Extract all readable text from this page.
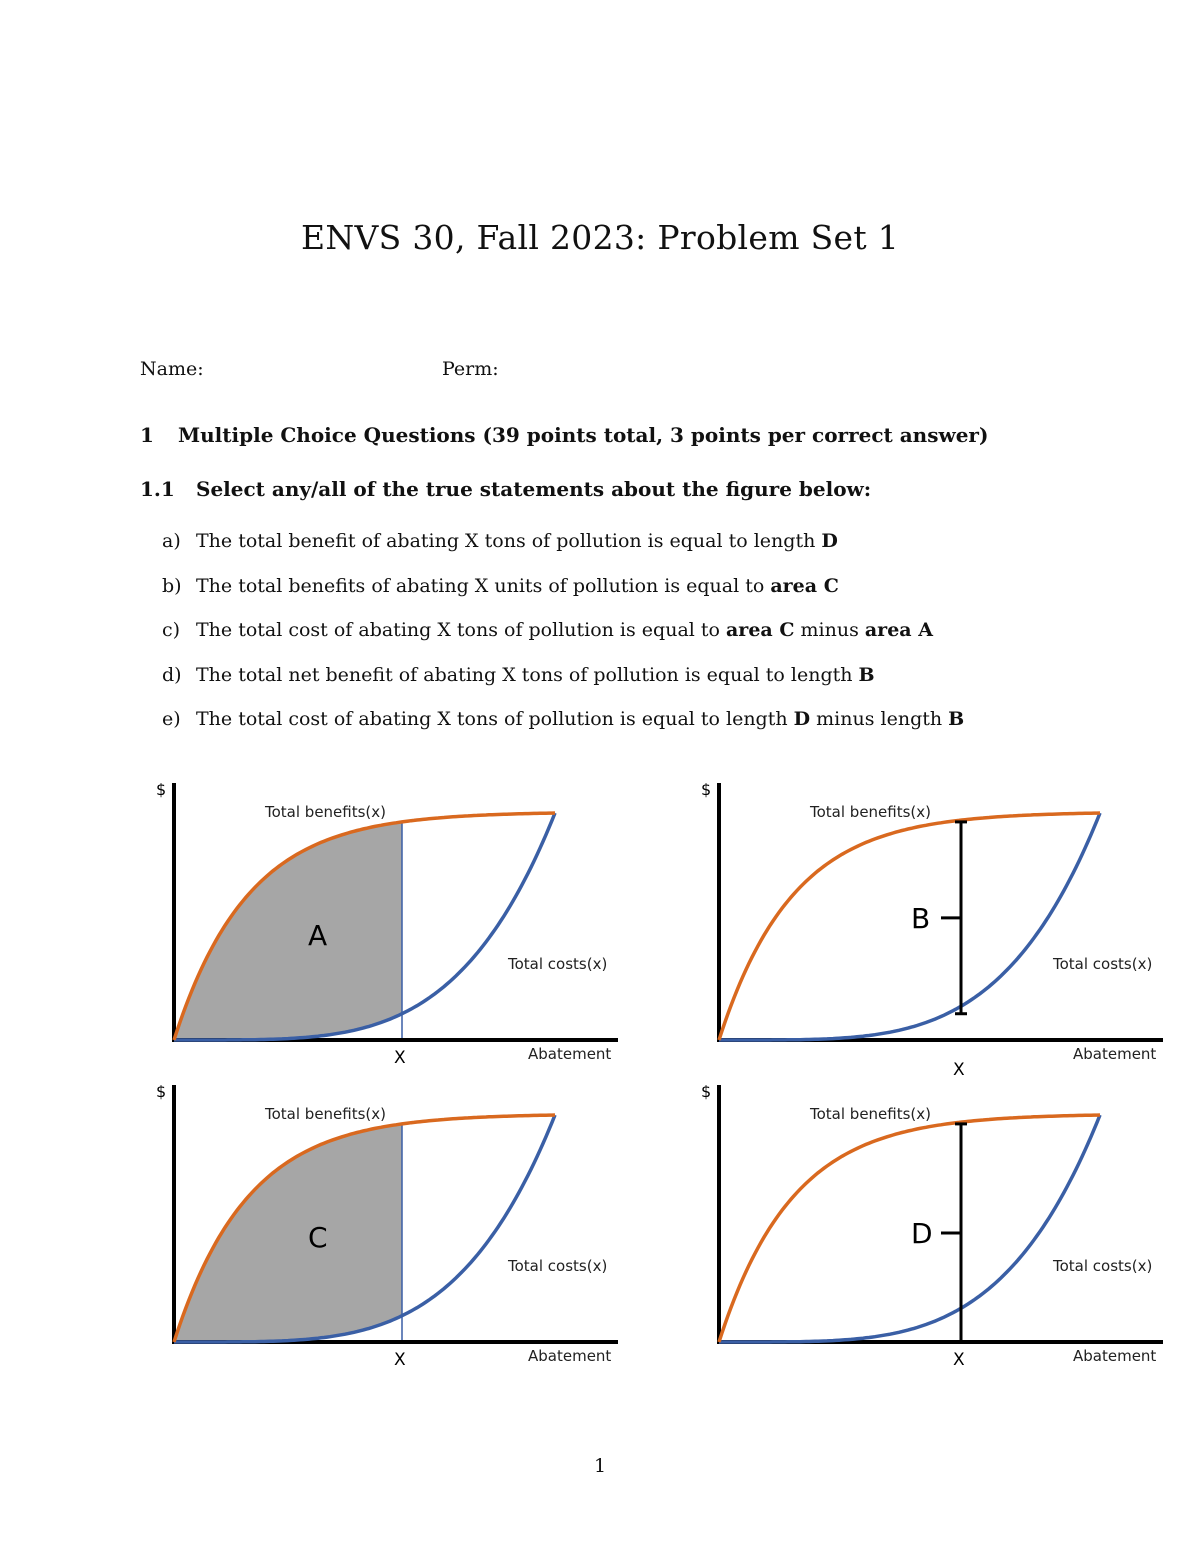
ENVS 30, Fall 2023: Problem Set 1
Name:	Perm:
1 Multiple Choice Questions (39 points total, 3 points per correct answer)
1.1 Select any/all of the true statements about the figure below:
a) The total benefit of abating X tons of pollution is equal to length D
b) The total benefits of abating X units of pollution is equal to area C
c) The total cost of abating X tons of pollution is equal to area C minus area A
d) The total net benefit of abating X tons of pollution is equal to length B
e) The total cost of abating X tons of pollution is equal to length D minus length B
A
$
Total benefits(x)
Total costs(x)
Abatement
X
B
$
Total benefits(x)
Total costs(x)
Abatement
X
C
$
Total benefits(x)
Total costs(x)
Abatement
X
D
$
Total benefits(x)
Total costs(x)
Abatement
X
1
